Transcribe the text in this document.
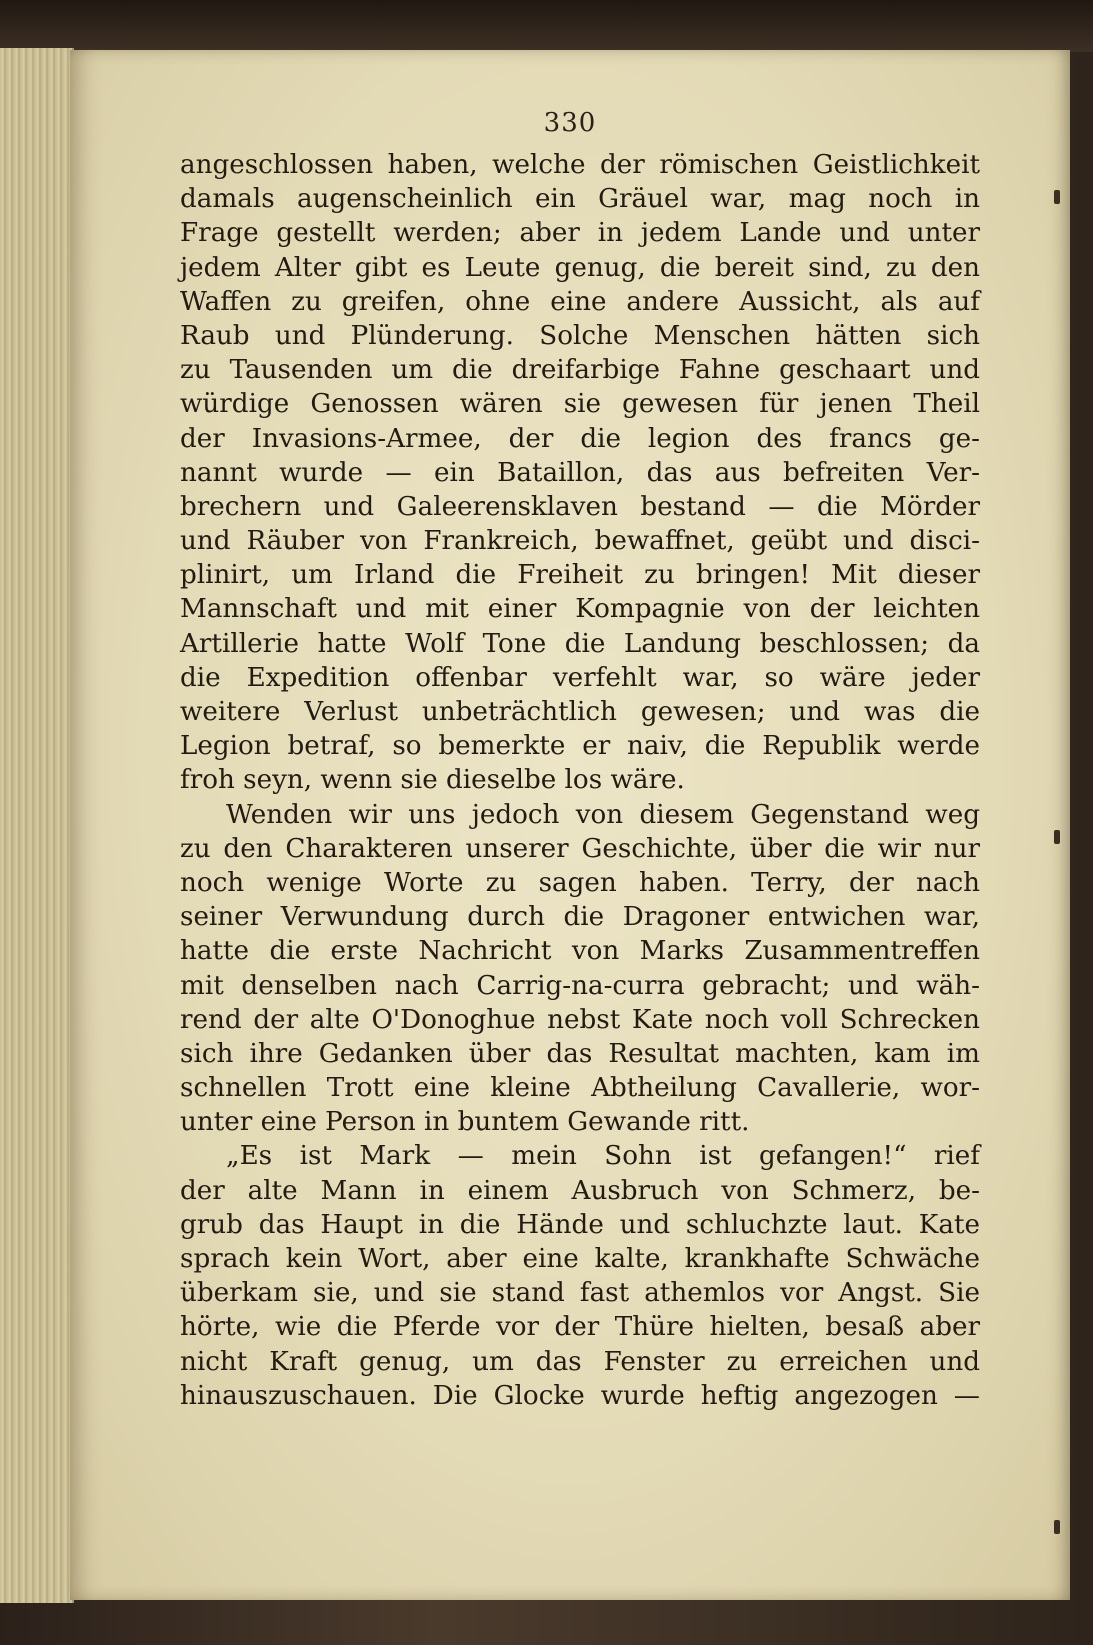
330
angeschlossen haben, welche der römischen Geistlichkeit
damals augenscheinlich ein Gräuel war, mag noch in
Frage gestellt werden; aber in jedem Lande und unter
jedem Alter gibt es Leute genug, die bereit sind, zu den
Waffen zu greifen, ohne eine andere Aussicht, als auf
Raub und Plünderung. Solche Menschen hätten sich
zu Tausenden um die dreifarbige Fahne geschaart und
würdige Genossen wären sie gewesen für jenen Theil
der Invasions-Armee, der die legion des francs ge-
nannt wurde — ein Bataillon, das aus befreiten Ver-
brechern und Galeerensklaven bestand — die Mörder
und Räuber von Frankreich, bewaffnet, geübt und disci-
plinirt, um Irland die Freiheit zu bringen! Mit dieser
Mannschaft und mit einer Kompagnie von der leichten
Artillerie hatte Wolf Tone die Landung beschlossen; da
die Expedition offenbar verfehlt war, so wäre jeder
weitere Verlust unbeträchtlich gewesen; und was die
Legion betraf, so bemerkte er naiv, die Republik werde
froh seyn, wenn sie dieselbe los wäre.
Wenden wir uns jedoch von diesem Gegenstand weg
zu den Charakteren unserer Geschichte, über die wir nur
noch wenige Worte zu sagen haben. Terry, der nach
seiner Verwundung durch die Dragoner entwichen war,
hatte die erste Nachricht von Marks Zusammentreffen
mit denselben nach Carrig-na-curra gebracht; und wäh-
rend der alte O'Donoghue nebst Kate noch voll Schrecken
sich ihre Gedanken über das Resultat machten, kam im
schnellen Trott eine kleine Abtheilung Cavallerie, wor-
unter eine Person in buntem Gewande ritt.
„Es ist Mark — mein Sohn ist gefangen!“ rief
der alte Mann in einem Ausbruch von Schmerz, be-
grub das Haupt in die Hände und schluchzte laut. Kate
sprach kein Wort, aber eine kalte, krankhafte Schwäche
überkam sie, und sie stand fast athemlos vor Angst. Sie
hörte, wie die Pferde vor der Thüre hielten, besaß aber
nicht Kraft genug, um das Fenster zu erreichen und
hinauszuschauen. Die Glocke wurde heftig angezogen —
